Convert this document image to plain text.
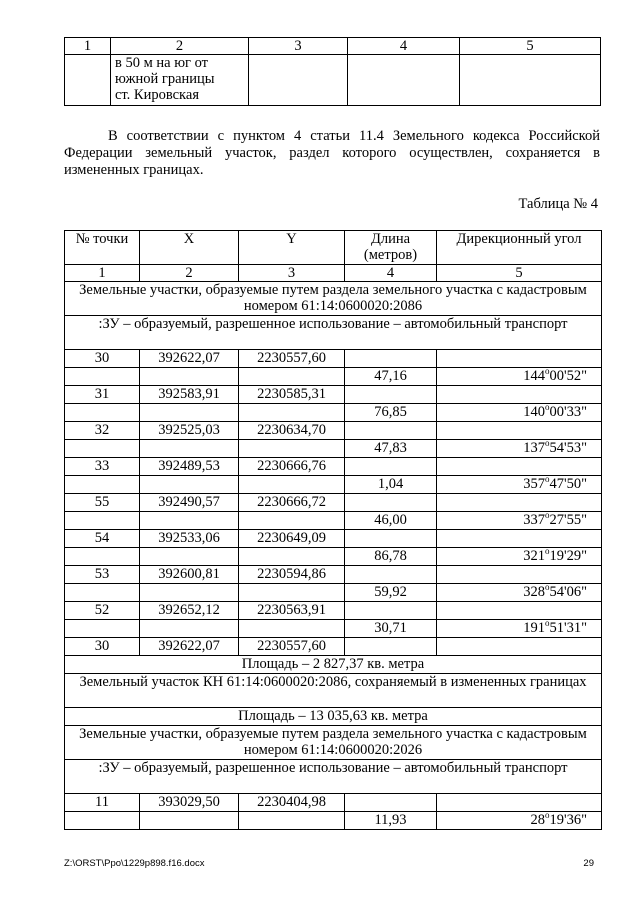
1	2	3	4	5
	в 50 м на юг от
южной границы
ст. Кировская			

В соответствии с пунктом 4 статьи 11.4 Земельного кодекса Российской Федерации земельный участок, раздел которого осуществлен, сохраняется в измененных границах.

Таблица № 4

№ точки	X	Y	Длина (метров)	Дирекционный угол
1	2	3	4	5
Земельные участки, образуемые путем раздела земельного участка с кадастровым номером 61:14:0600020:2086				
:ЗУ – образуемый, разрешенное использование – автомобильный транспорт				
30	392622,07	2230557,60		
			47,16	144$^o$00'52"
31	392583,91	2230585,31		
			76,85	140$^o$00'33"
32	392525,03	2230634,70		
			47,83	137$^o$54'53"
33	392489,53	2230666,76		
			1,04	357$^o$47'50"
55	392490,57	2230666,72		
			46,00	337$^o$27'55"
54	392533,06	2230649,09		
			86,78	321$^o$19'29"
53	392600,81	2230594,86		
			59,92	328$^o$54'06"
52	392652,12	2230563,91		
			30,71	191$^o$51'31"
30	392622,07	2230557,60		
Площадь – 2 827,37 кв. метра				
Земельный участок КН 61:14:0600020:2086, сохраняемый в измененных границах				
Площадь – 13 035,63 кв. метра				
Земельные участки, образуемые путем раздела земельного участка с кадастровым номером 61:14:0600020:2026				
:ЗУ – образуемый, разрешенное использование – автомобильный транспорт				
11	393029,50	2230404,98		
			11,93	28$^o$19'36"
Z:\ORST\Ppo\1229p898.f16.docx	29
